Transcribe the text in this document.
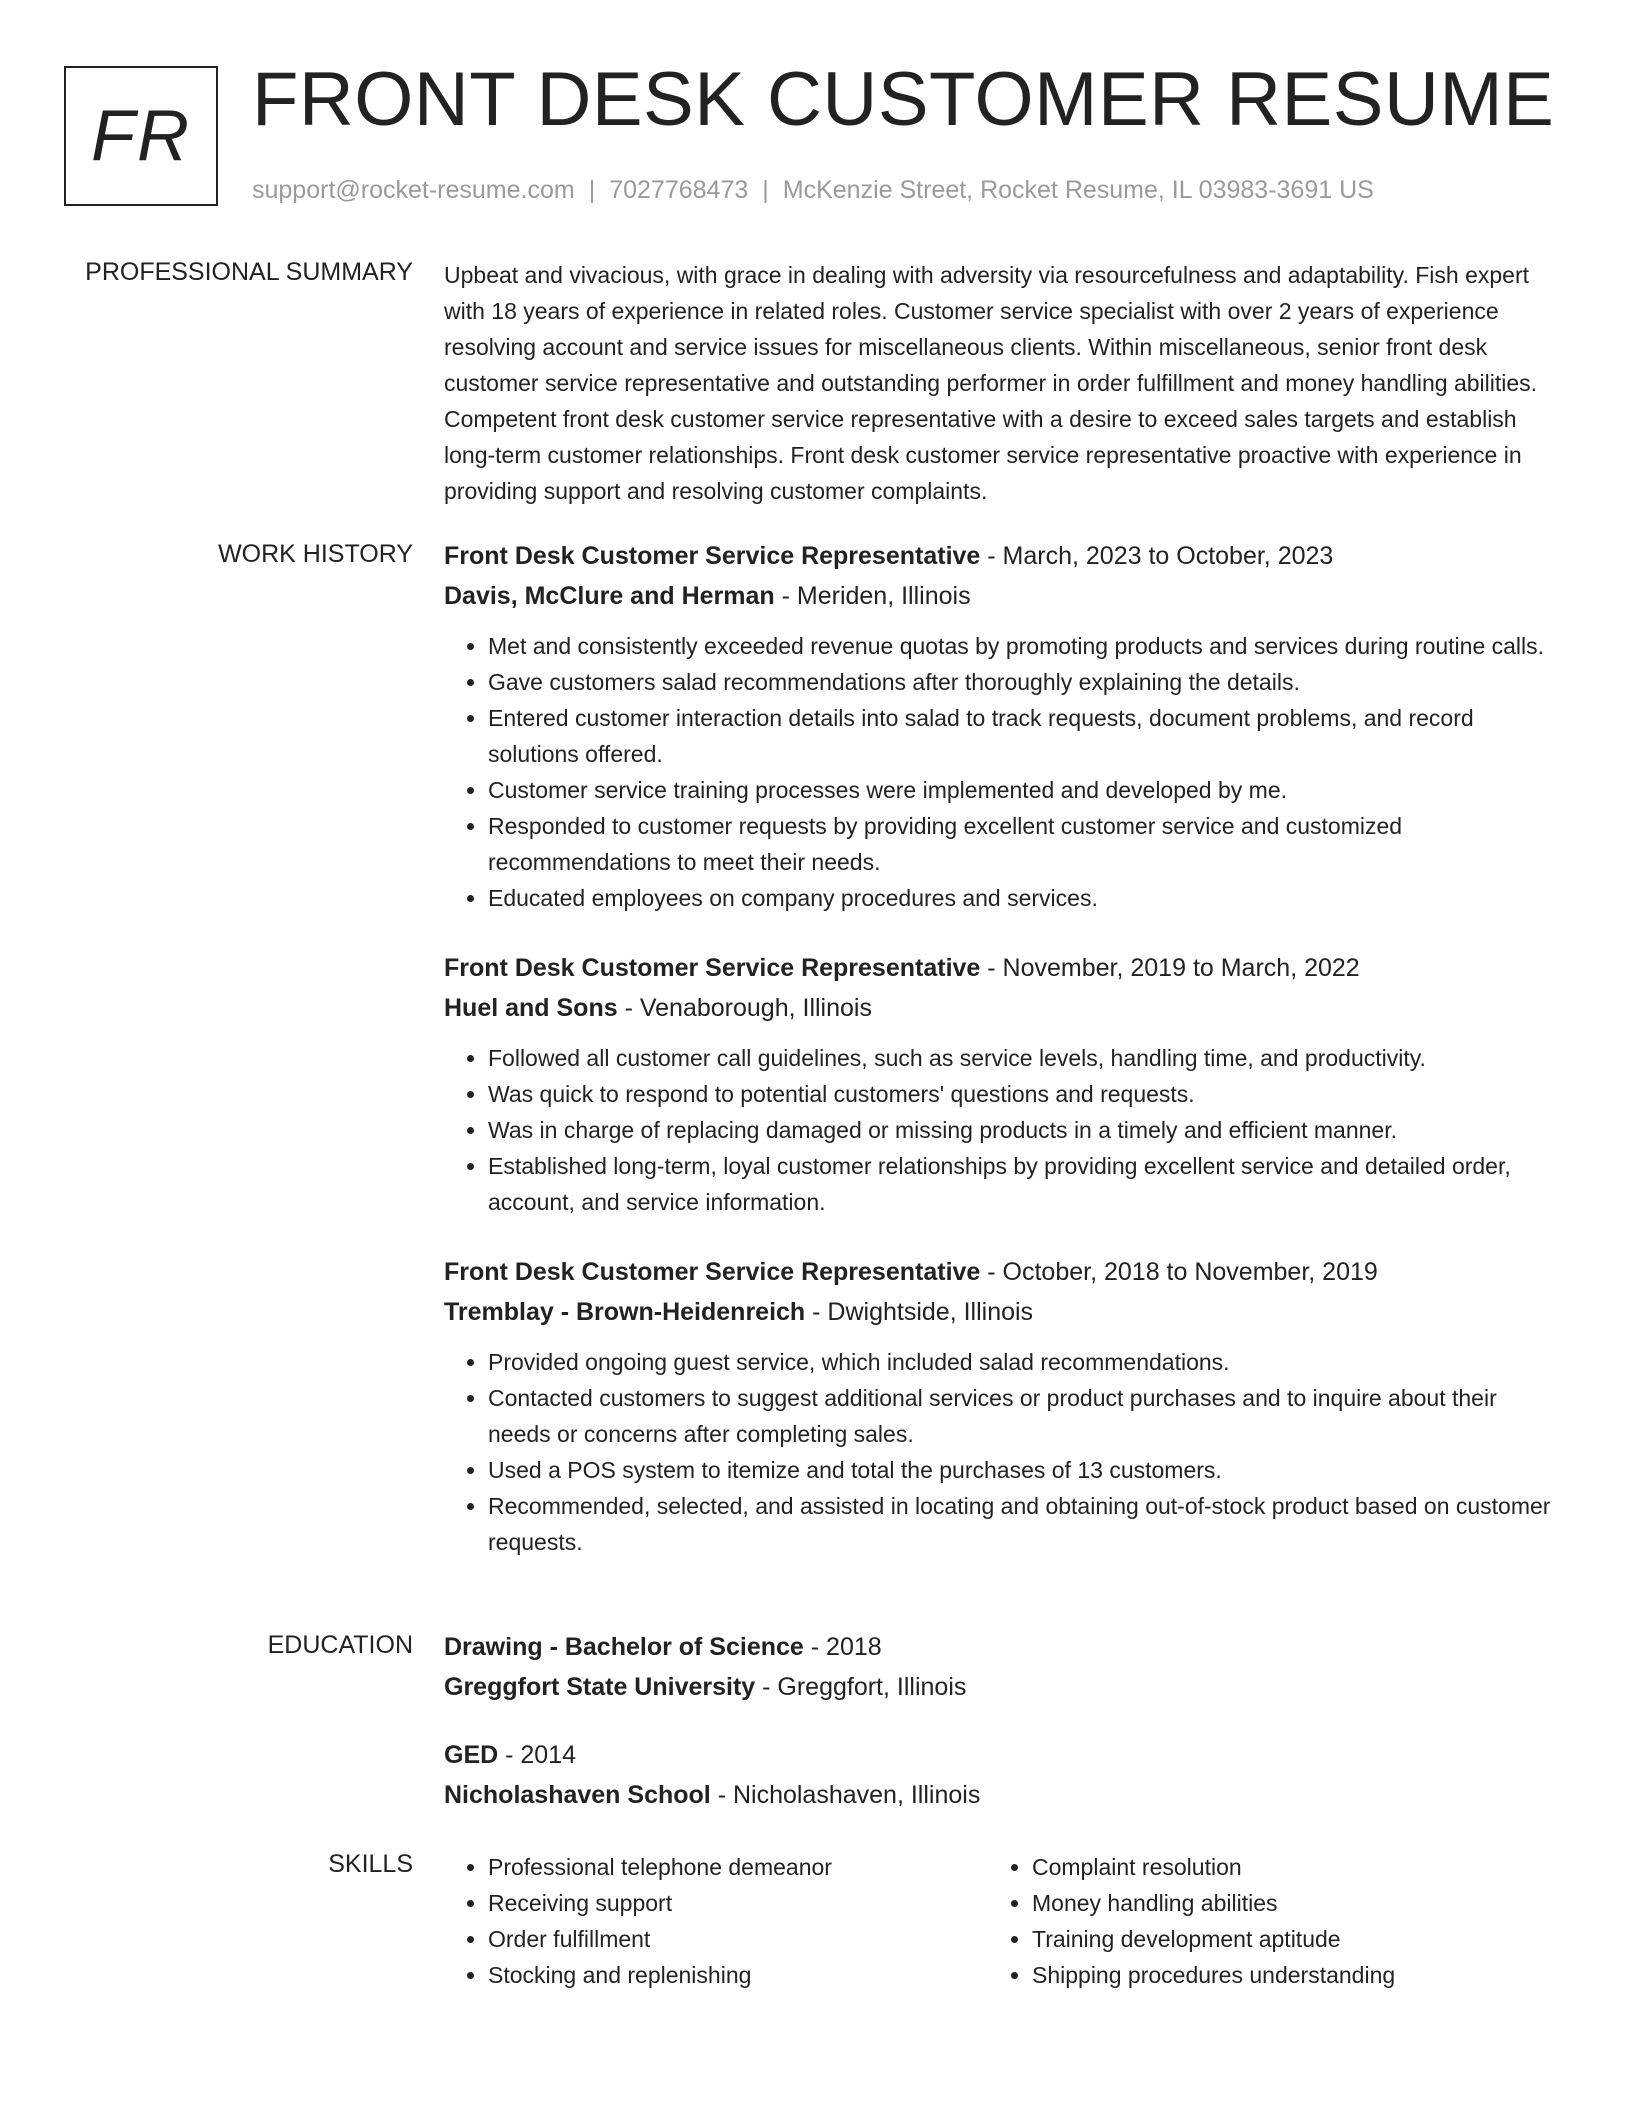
FR FRONT DESK CUSTOMER RESUME
support@rocket-resume.com | 7027768473 | McKenzie Street, Rocket Resume, IL 03983-3691 US
PROFESSIONAL SUMMARY Upbeat and vivacious, with grace in dealing with adversity via resourcefulness and adaptability. Fish expert with 18 years of experience in related roles. Customer service specialist with over 2 years of experience resolving account and service issues for miscellaneous clients. Within miscellaneous, senior front desk customer service representative and outstanding performer in order fulfillment and money handling abilities. Competent front desk customer service representative with a desire to exceed sales targets and establish long-term customer relationships. Front desk customer service representative proactive with experience in providing support and resolving customer complaints.

WORK HISTORY Front Desk Customer Service Representative - March, 2023 to October, 2023
Davis, McClure and Herman - Meriden, Illinois
• Met and consistently exceeded revenue quotas by promoting products and services during routine calls.
• Gave customers salad recommendations after thoroughly explaining the details.
• Entered customer interaction details into salad to track requests, document problems, and record solutions offered.
• Customer service training processes were implemented and developed by me.
• Responded to customer requests by providing excellent customer service and customized recommendations to meet their needs.
• Educated employees on company procedures and services.
Front Desk Customer Service Representative - November, 2019 to March, 2022
Huel and Sons - Venaborough, Illinois
• Followed all customer call guidelines, such as service levels, handling time, and productivity.
• Was quick to respond to potential customers' questions and requests.
• Was in charge of replacing damaged or missing products in a timely and efficient manner.
• Established long-term, loyal customer relationships by providing excellent service and detailed order, account, and service information.
Front Desk Customer Service Representative - October, 2018 to November, 2019
Tremblay - Brown-Heidenreich - Dwightside, Illinois
• Provided ongoing guest service, which included salad recommendations.
• Contacted customers to suggest additional services or product purchases and to inquire about their needs or concerns after completing sales.
• Used a POS system to itemize and total the purchases of 13 customers.
• Recommended, selected, and assisted in locating and obtaining out-of-stock product based on customer requests.
EDUCATION Drawing - Bachelor of Science - 2018
Greggfort State University - Greggfort, Illinois
GED - 2014
Nicholashaven School - Nicholashaven, Illinois
SKILLS
•	Professional telephone demeanor
• Receiving support
• Order fulfillment
• Stocking and replenishing
• Complaint resolution
• Money handling abilities
• Training development aptitude
• Shipping procedures understanding
